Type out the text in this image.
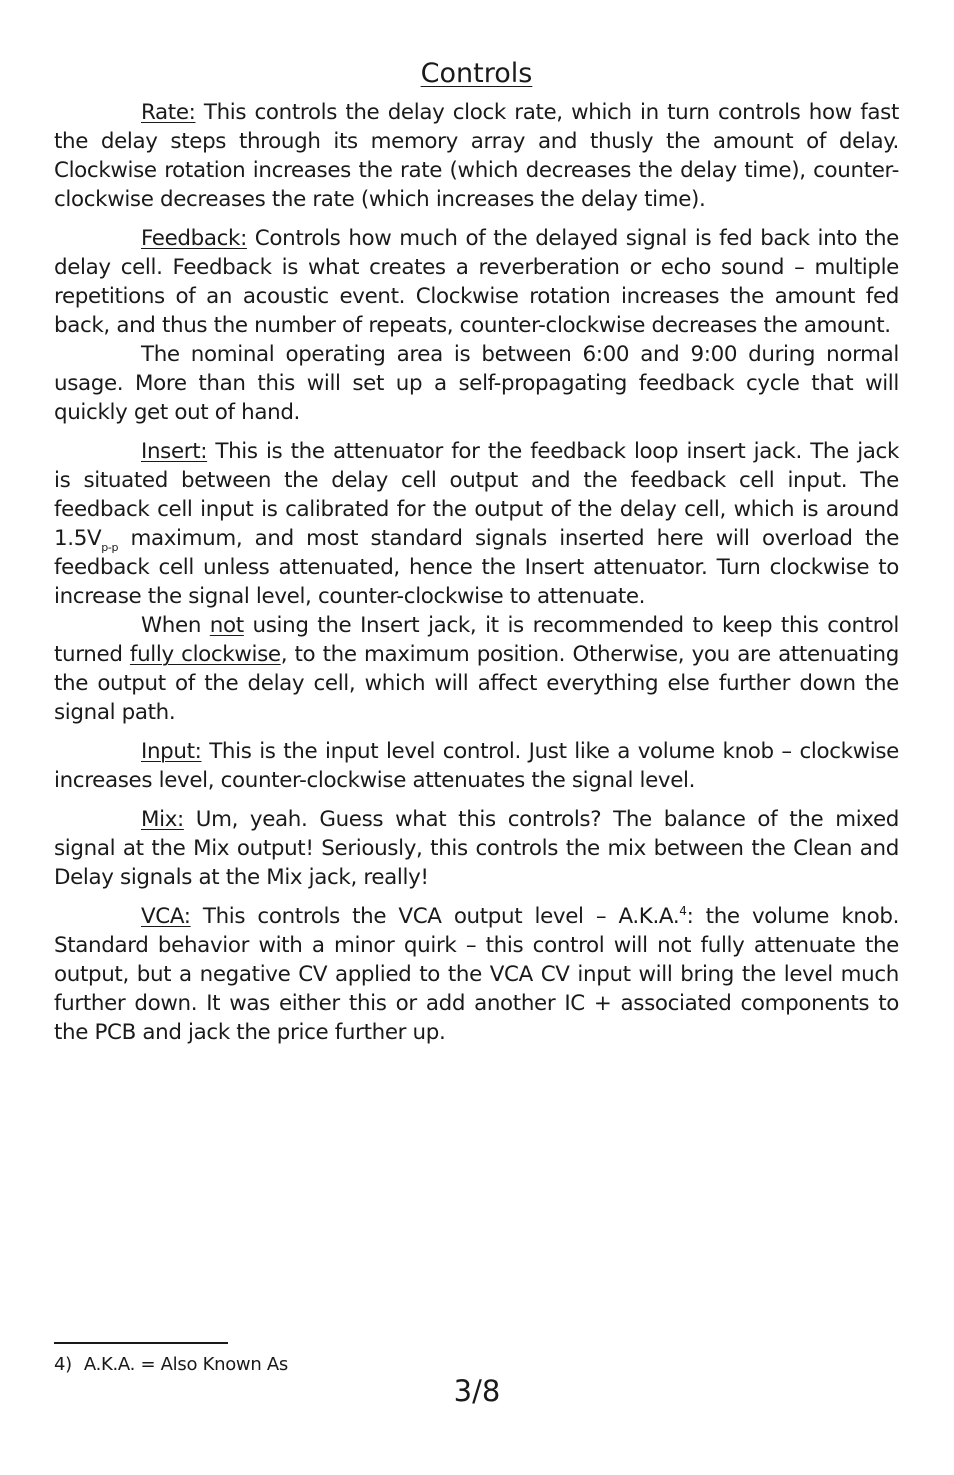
Controls

Rate: This controls the delay clock rate, which in turn controls how fast the delay steps through its memory array and thusly the amount of delay. Clockwise rotation increases the rate (which decreases the delay time), counter-clockwise decreases the rate (which increases the delay time).

Feedback: Controls how much of the delayed signal is fed back into the delay cell. Feedback is what creates a reverberation or echo sound – multiple repetitions of an acoustic event. Clockwise rotation increases the amount fed back, and thus the number of repeats, counter-clockwise decreases the amount.

The nominal operating area is between 6:00 and 9:00 during normal usage. More than this will set up a self-propagating feedback cycle that will quickly get out of hand.

Insert: This is the attenuator for the feedback loop insert jack. The jack is situated between the delay cell output and the feedback cell input. The feedback cell input is calibrated for the output of the delay cell, which is around $1.5V_{p-p}$ maximum, and most standard signals inserted here will overload the feedback cell unless attenuated, hence the Insert attenuator. Turn clockwise to increase the signal level, counter-clockwise to attenuate.

When not using the Insert jack, it is recommended to keep this control turned fully clockwise, to the maximum position. Otherwise, you are attenuating the output of the delay cell, which will affect everything else further down the signal path.

Input: This is the input level control. Just like a volume knob – clockwise increases level, counter-clockwise attenuates the signal level.

Mix: Um, yeah. Guess what this controls? The balance of the mixed signal at the Mix output! Seriously, this controls the mix between the Clean and Delay signals at the Mix jack, really!

VCA: This controls the VCA output level – A.K.A.$^4$: the volume knob. Standard behavior with a minor quirk – this control will not fully attenuate the output, but a negative CV applied to the VCA CV input will bring the level much further down. It was either this or add another IC + associated components to the PCB and jack the price further up.

4) A.K.A. = Also Known As
3/8
